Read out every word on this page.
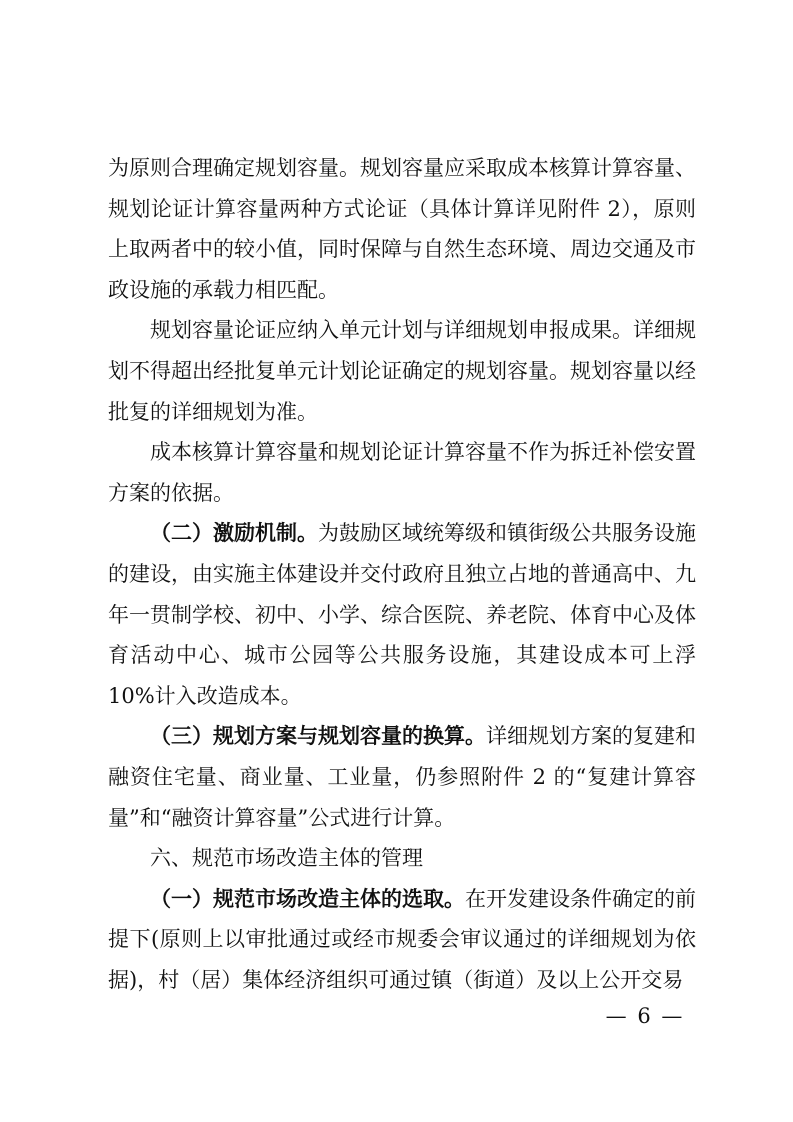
为原则合理确定规划容量。规划容量应采取成本核算计算容量、规划论证计算容量两种方式论证（具体计算详见附件 2），原则上取两者中的较小值，同时保障与自然生态环境、周边交通及市政设施的承载力相匹配。

规划容量论证应纳入单元计划与详细规划申报成果。详细规划不得超出经批复单元计划论证确定的规划容量。规划容量以经批复的详细规划为准。

成本核算计算容量和规划论证计算容量不作为拆迁补偿安置方案的依据。

（二）激励机制。为鼓励区域统筹级和镇街级公共服务设施的建设，由实施主体建设并交付政府且独立占地的普通高中、九年一贯制学校、初中、小学、综合医院、养老院、体育中心及体育活动中心、城市公园等公共服务设施，其建设成本可上浮 10%计入改造成本。

（三）规划方案与规划容量的换算。详细规划方案的复建和融资住宅量、商业量、工业量，仍参照附件 2 的“复建计算容量”和“融资计算容量”公式进行计算。

六、规范市场改造主体的管理

（一）规范市场改造主体的选取。在开发建设条件确定的前提下(原则上以审批通过或经市规委会审议通过的详细规划为依据)，村（居）集体经济组织可通过镇（街道）及以上公开交易

— 6 —
